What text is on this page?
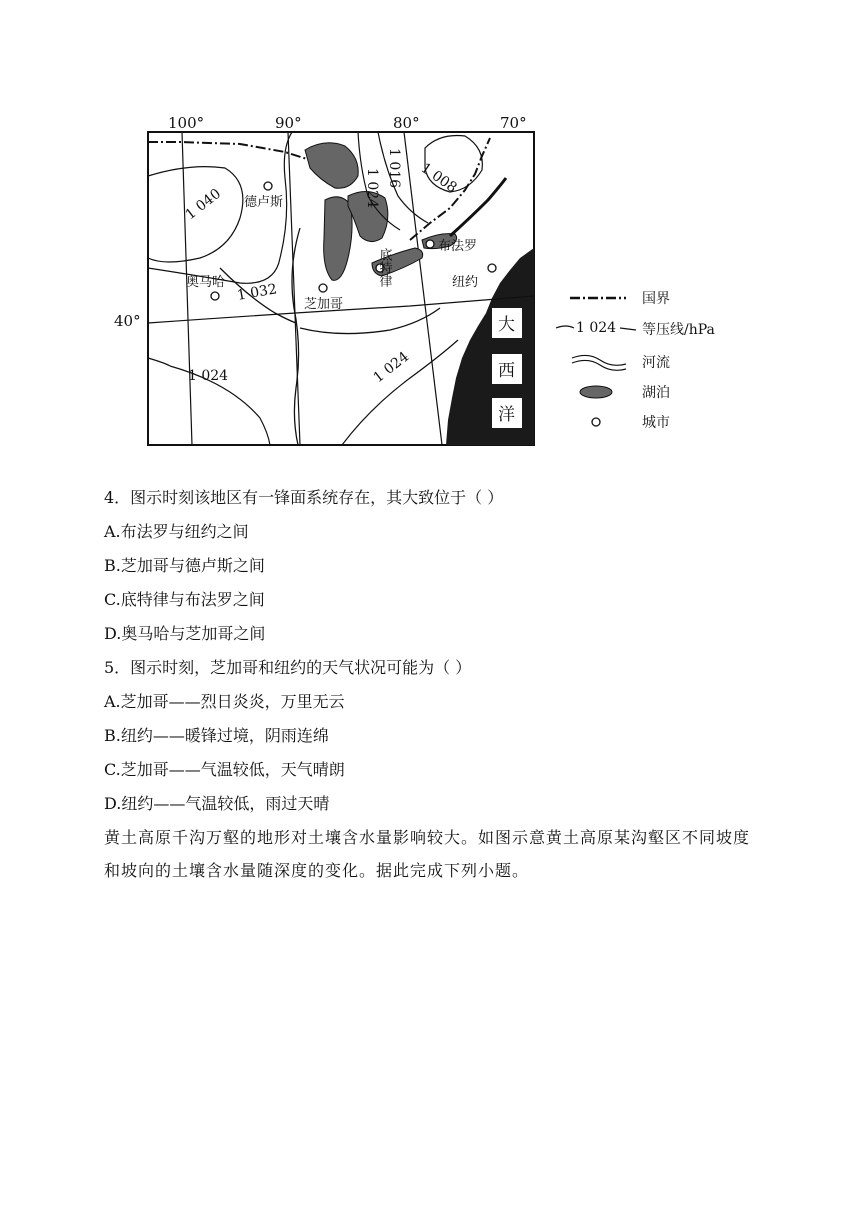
100°	90°	80°	70°
40°	大
西
洋
1 040
1 032
1 024 1 016 1 008
1 024	1 024
德卢斯
底特律
布法罗
纽约
奥马哈
芝加哥	国界
1 024 等压线/hPa
河流
湖泊
城市
4．图示时刻该地区有一锋面系统存在，其大致位于（ ）
A.布法罗与纽约之间
B.芝加哥与德卢斯之间
C.底特律与布法罗之间
D.奥马哈与芝加哥之间
5．图示时刻，芝加哥和纽约的天气状况可能为（ ）
A.芝加哥——烈日炎炎，万里无云
B.纽约——暖锋过境，阴雨连绵
C.芝加哥——气温较低，天气晴朗
D.纽约——气温较低，雨过天晴
黄土高原千沟万壑的地形对土壤含水量影响较大。如图示意黄土高原某沟壑区不同坡度和坡向的土壤含水量随深度的变化。据此完成下列小题。
